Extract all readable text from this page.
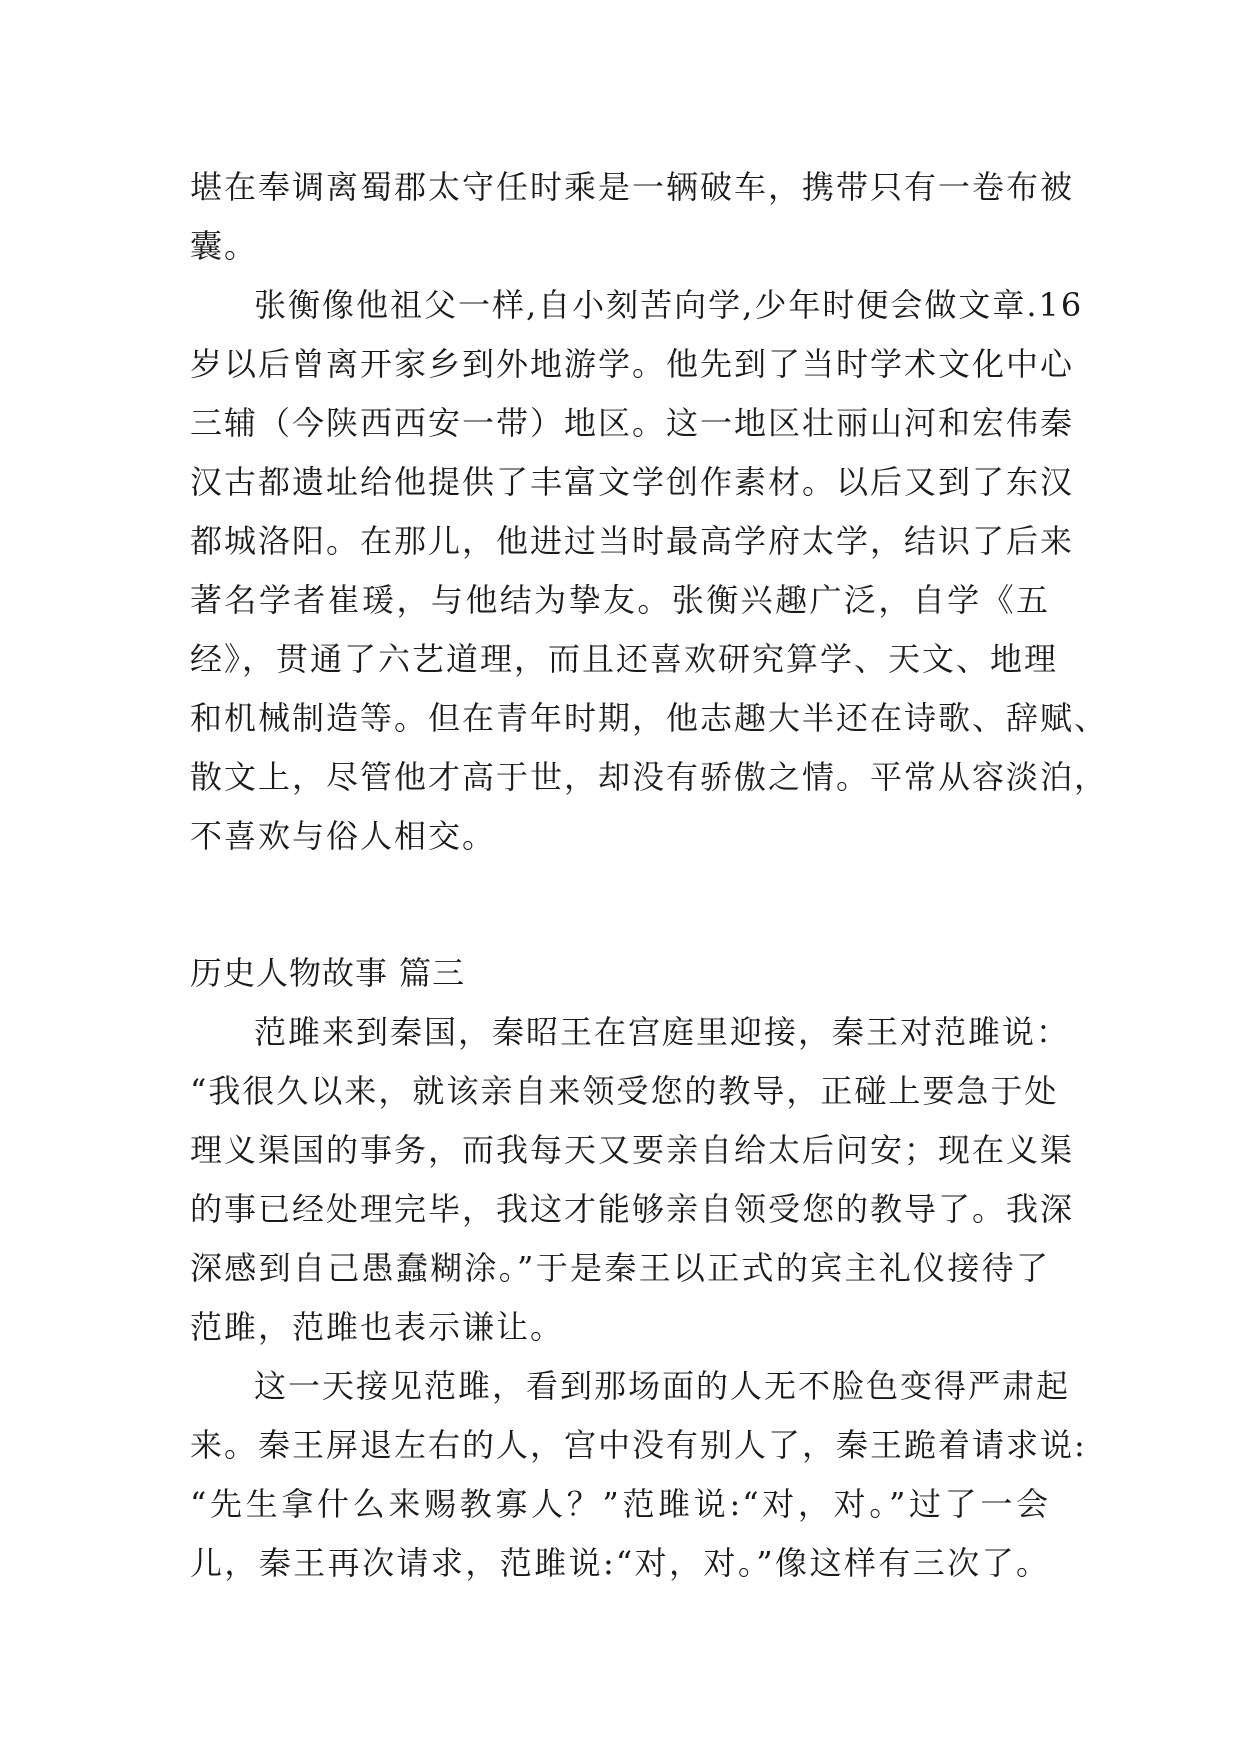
堪在奉调离蜀郡太守任时乘是一辆破车，携带只有一卷布被
囊。
张衡像他祖父一样,自小刻苦向学,少年时便会做文章.16
岁以后曾离开家乡到外地游学。他先到了当时学术文化中心
三辅（今陕西西安一带）地区。这一地区壮丽山河和宏伟秦
汉古都遗址给他提供了丰富文学创作素材。以后又到了东汉
都城洛阳。在那儿，他进过当时最高学府太学，结识了后来
著名学者崔瑗，与他结为挚友。张衡兴趣广泛，自学《五
经》，贯通了六艺道理，而且还喜欢研究算学、天文、地理
和机械制造等。但在青年时期，他志趣大半还在诗歌、辞赋、
散文上，尽管他才高于世，却没有骄傲之情。平常从容淡泊，
不喜欢与俗人相交。
历史人物故事 篇三
范雎来到秦国，秦昭王在宫庭里迎接，秦王对范雎说：
“我很久以来，就该亲自来领受您的教导，正碰上要急于处
理义渠国的事务，而我每天又要亲自给太后问安；现在义渠
的事已经处理完毕，我这才能够亲自领受您的教导了。我深
深感到自己愚蠢糊涂。”于是秦王以正式的宾主礼仪接待了
范雎，范雎也表示谦让。
这一天接见范雎，看到那场面的人无不脸色变得严肃起
来。秦王屏退左右的人，宫中没有别人了，秦王跪着请求说:
“先生拿什么来赐教寡人？”范雎说:“对，对。”过了一会
儿，秦王再次请求，范雎说:“对，对。”像这样有三次了。
